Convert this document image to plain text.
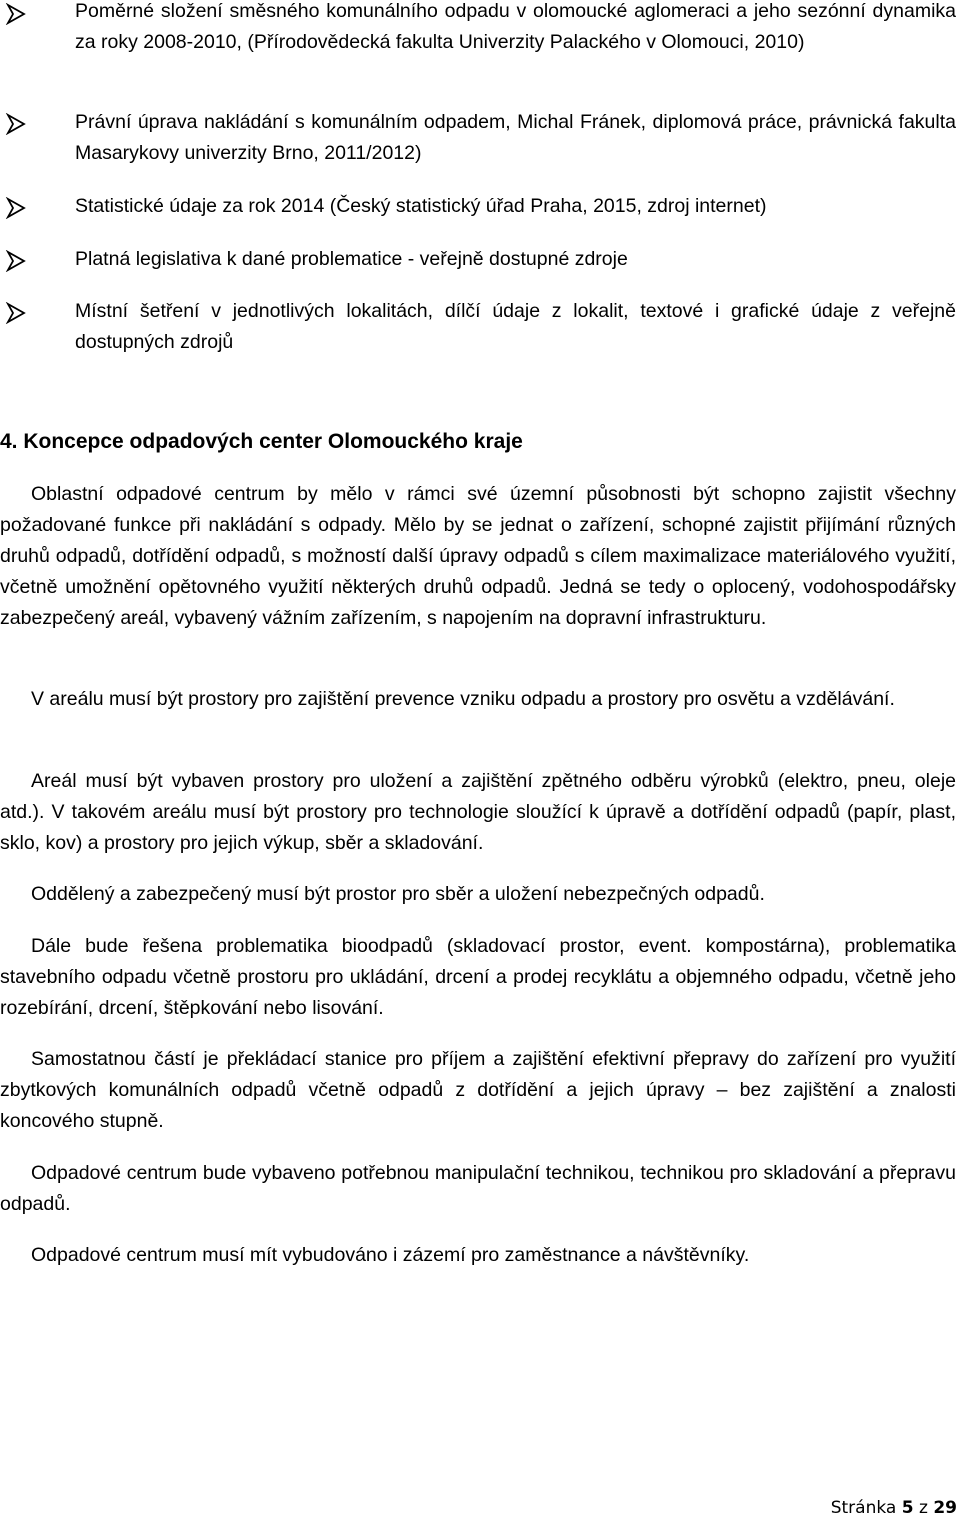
Poměrné složení směsného komunálního odpadu v olomoucké aglomeraci a jeho sezónní dynamika za roky 2008-2010, (Přírodovědecká fakulta Univerzity Palackého v Olomouci, 2010)
Právní úprava nakládání s komunálním odpadem, Michal Fránek, diplomová práce, právnická fakulta Masarykovy univerzity Brno, 2011/2012)
Statistické údaje za rok 2014 (Český statistický úřad Praha, 2015, zdroj internet)
Platná legislativa k dané problematice - veřejně dostupné zdroje
Místní šetření v jednotlivých lokalitách, dílčí údaje z lokalit, textové i grafické údaje z veřejně dostupných zdrojů
4. Koncepce odpadových center Olomouckého kraje

Oblastní odpadové centrum by mělo v rámci své územní působnosti být schopno zajistit všechny požadované funkce při nakládání s odpady. Mělo by se jednat o zařízení, schopné zajistit přijímání různých druhů odpadů, dotřídění odpadů, s možností další úpravy odpadů s cílem maximalizace materiálového využití, včetně umožnění opětovného využití některých druhů odpadů. Jedná se tedy o oplocený, vodohospodářsky zabezpečený areál, vybavený vážním zařízením, s napojením na dopravní infrastrukturu.

V areálu musí být prostory pro zajištění prevence vzniku odpadu a prostory pro osvětu a vzdělávání.

Areál musí být vybaven prostory pro uložení a zajištění zpětného odběru výrobků (elektro, pneu, oleje atd.). V takovém areálu musí být prostory pro technologie sloužící k úpravě a dotřídění odpadů (papír, plast, sklo, kov) a prostory pro jejich výkup, sběr a skladování.

Oddělený a zabezpečený musí být prostor pro sběr a uložení nebezpečných odpadů.

Dále bude řešena problematika bioodpadů (skladovací prostor, event. kompostárna), problematika stavebního odpadu včetně prostoru pro ukládání, drcení a prodej recyklátu a objemného odpadu, včetně jeho rozebírání, drcení, štěpkování nebo lisování.

Samostatnou částí je překládací stanice pro příjem a zajištění efektivní přepravy do zařízení pro využití zbytkových komunálních odpadů včetně odpadů z dotřídění a jejich úpravy – bez zajištění a znalosti koncového stupně.

Odpadové centrum bude vybaveno potřebnou manipulační technikou, technikou pro skladování a přepravu odpadů.

Odpadové centrum musí mít vybudováno i zázemí pro zaměstnance a návštěvníky.

Stránka 5 z 29
